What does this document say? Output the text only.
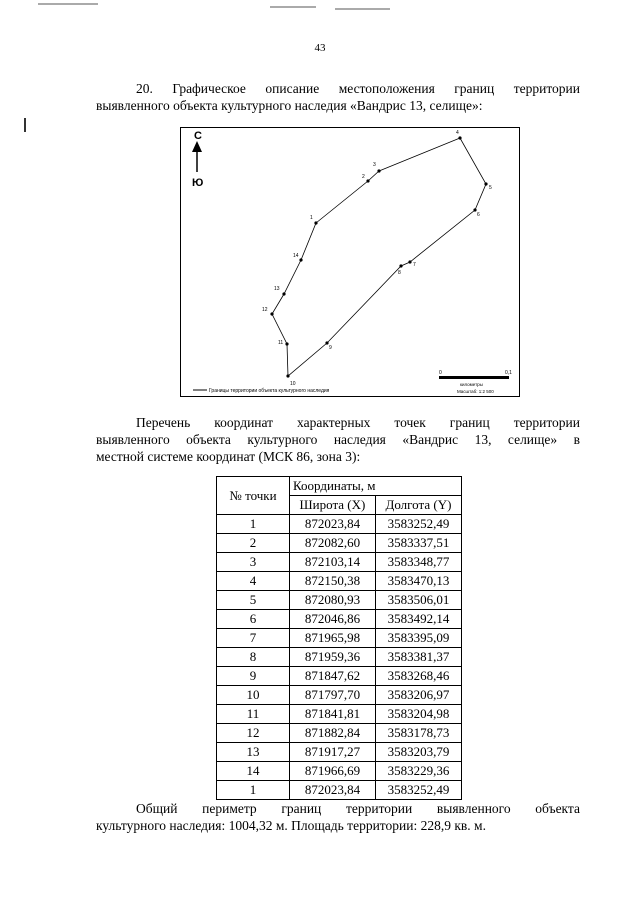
43
20. Графическое описание местоположения границ территории
выявленного объекта культурного наследия «Вандрис 13, селище»:
С
Ю
1
2
3
4
5
6
7
8
9
10
11
12
13
14
Границы территории объекта культурного наследия
0	0,1
километры
Масштаб: 1:2 500
Перечень координат характерных точек границ территории
выявленного объекта культурного наследия «Вандрис 13, селище» в
местной системе координат (МСК 86, зона 3):
№ точки	Координаты, м	
	Широта (X)	Долгота (Y)
1	872023,84	3583252,49
2	872082,60	3583337,51
3	872103,14	3583348,77
4	872150,38	3583470,13
5	872080,93	3583506,01
6	872046,86	3583492,14
7	871965,98	3583395,09
8	871959,36	3583381,37
9	871847,62	3583268,46
10	871797,70	3583206,97
11	871841,81	3583204,98
12	871882,84	3583178,73
13	871917,27	3583203,79
14	871966,69	3583229,36
1	872023,84	3583252,49
Общий периметр границ территории выявленного объекта
культурного наследия: 1004,32 м. Площадь территории: 228,9 кв. м.
